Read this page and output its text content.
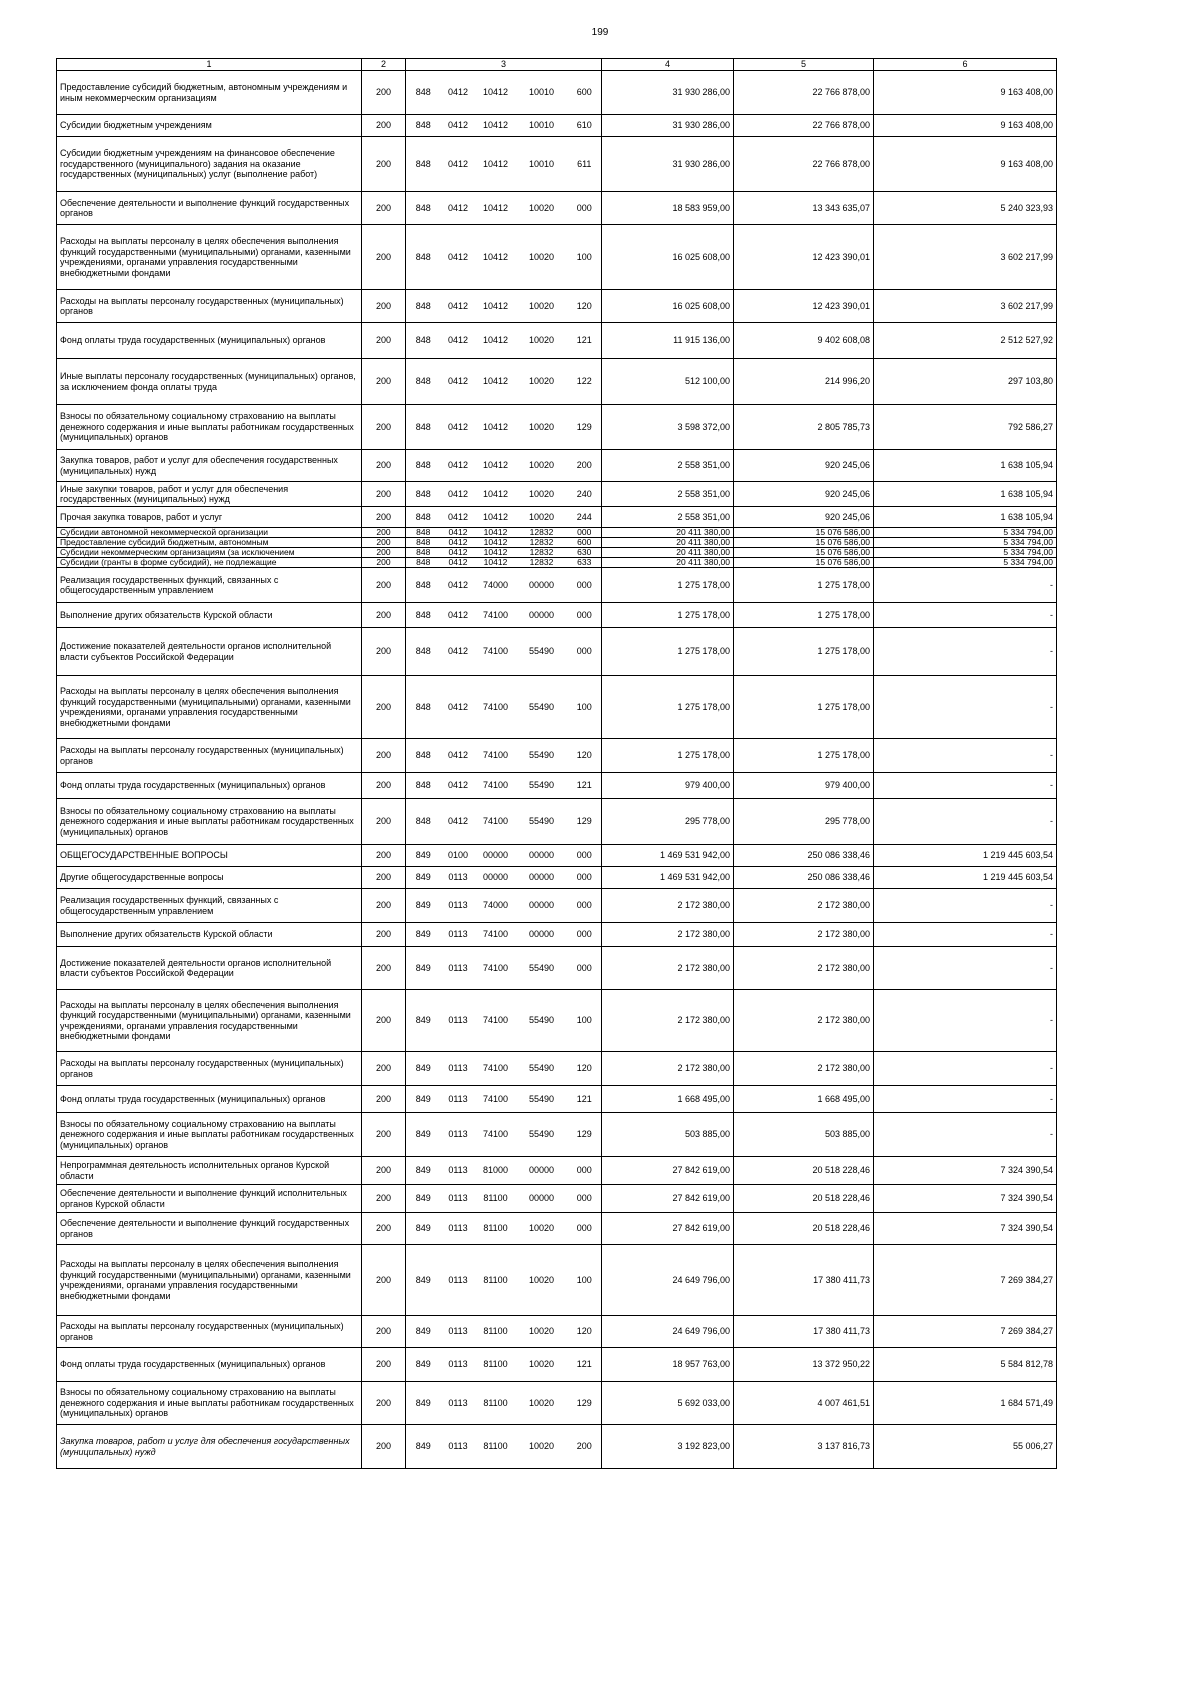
199
1	2	3					4	5	6
Предоставление субсидий бюджетным, автономным учреждениям и иным некоммерческим организациям	200	848	0412	10412	10010	600	31 930 286,00	22 766 878,00	9 163 408,00
Субсидии бюджетным учреждениям	200	848	0412	10412	10010	610	31 930 286,00	22 766 878,00	9 163 408,00
Субсидии бюджетным учреждениям на финансовое обеспечение государственного (муниципального) задания на оказание государственных (муниципальных) услуг (выполнение работ)	200	848	0412	10412	10010	611	31 930 286,00	22 766 878,00	9 163 408,00
Обеспечение деятельности и выполнение функций государственных органов	200	848	0412	10412	10020	000	18 583 959,00	13 343 635,07	5 240 323,93
Расходы на выплаты персоналу в целях обеспечения выполнения функций государственными (муниципальными) органами, казенными учреждениями, органами управления государственными внебюджетными фондами	200	848	0412	10412	10020	100	16 025 608,00	12 423 390,01	3 602 217,99
Расходы на выплаты персоналу государственных (муниципальных) органов	200	848	0412	10412	10020	120	16 025 608,00	12 423 390,01	3 602 217,99
Фонд оплаты труда государственных (муниципальных) органов	200	848	0412	10412	10020	121	11 915 136,00	9 402 608,08	2 512 527,92
Иные выплаты персоналу государственных (муниципальных) органов, за исключением фонда оплаты труда	200	848	0412	10412	10020	122	512 100,00	214 996,20	297 103,80
Взносы по обязательному социальному страхованию на выплаты денежного содержания и иные выплаты работникам государственных (муниципальных) органов	200	848	0412	10412	10020	129	3 598 372,00	2 805 785,73	792 586,27
Закупка товаров, работ и услуг для обеспечения государственных (муниципальных) нужд	200	848	0412	10412	10020	200	2 558 351,00	920 245,06	1 638 105,94
Иные закупки товаров, работ и услуг для обеспечения государственных (муниципальных) нужд	200	848	0412	10412	10020	240	2 558 351,00	920 245,06	1 638 105,94
Прочая закупка товаров, работ и услуг	200	848	0412	10412	10020	244	2 558 351,00	920 245,06	1 638 105,94
Субсидии автономной некоммерческой организации	200	848	0412	10412	12832	000	20 411 380,00	15 076 586,00	5 334 794,00
Предоставление субсидий бюджетным, автономным	200	848	0412	10412	12832	600	20 411 380,00	15 076 586,00	5 334 794,00
Субсидии некоммерческим организациям (за исключением	200	848	0412	10412	12832	630	20 411 380,00	15 076 586,00	5 334 794,00
Субсидии (гранты в форме субсидий), не подлежащие	200	848	0412	10412	12832	633	20 411 380,00	15 076 586,00	5 334 794,00
Реализация государственных функций, связанных с общегосударственным управлением	200	848	0412	74000	00000	000	1 275 178,00	1 275 178,00	-
Выполнение других обязательств Курской области	200	848	0412	74100	00000	000	1 275 178,00	1 275 178,00	-
Достижение показателей деятельности органов исполнительной власти субъектов Российской Федерации	200	848	0412	74100	55490	000	1 275 178,00	1 275 178,00	-
Расходы на выплаты персоналу в целях обеспечения выполнения функций государственными (муниципальными) органами, казенными учреждениями, органами управления государственными внебюджетными фондами	200	848	0412	74100	55490	100	1 275 178,00	1 275 178,00	-
Расходы на выплаты персоналу государственных (муниципальных) органов	200	848	0412	74100	55490	120	1 275 178,00	1 275 178,00	-
Фонд оплаты труда государственных (муниципальных) органов	200	848	0412	74100	55490	121	979 400,00	979 400,00	-
Взносы по обязательному социальному страхованию на выплаты денежного содержания и иные выплаты работникам государственных (муниципальных) органов	200	848	0412	74100	55490	129	295 778,00	295 778,00	-
ОБЩЕГОСУДАРСТВЕННЫЕ ВОПРОСЫ	200	849	0100	00000	00000	000	1 469 531 942,00	250 086 338,46	1 219 445 603,54
Другие общегосударственные вопросы	200	849	0113	00000	00000	000	1 469 531 942,00	250 086 338,46	1 219 445 603,54
Реализация государственных функций, связанных с общегосударственным управлением	200	849	0113	74000	00000	000	2 172 380,00	2 172 380,00	-
Выполнение других обязательств Курской области	200	849	0113	74100	00000	000	2 172 380,00	2 172 380,00	-
Достижение показателей деятельности органов исполнительной власти субъектов Российской Федерации	200	849	0113	74100	55490	000	2 172 380,00	2 172 380,00	-
Расходы на выплаты персоналу в целях обеспечения выполнения функций государственными (муниципальными) органами, казенными учреждениями, органами управления государственными внебюджетными фондами	200	849	0113	74100	55490	100	2 172 380,00	2 172 380,00	-
Расходы на выплаты персоналу государственных (муниципальных) органов	200	849	0113	74100	55490	120	2 172 380,00	2 172 380,00	-
Фонд оплаты труда государственных (муниципальных) органов	200	849	0113	74100	55490	121	1 668 495,00	1 668 495,00	-
Взносы по обязательному социальному страхованию на выплаты денежного содержания и иные выплаты работникам государственных (муниципальных) органов	200	849	0113	74100	55490	129	503 885,00	503 885,00	-
Непрограммная деятельность исполнительных органов Курской области	200	849	0113	81000	00000	000	27 842 619,00	20 518 228,46	7 324 390,54
Обеспечение деятельности и выполнение функций исполнительных органов Курской области	200	849	0113	81100	00000	000	27 842 619,00	20 518 228,46	7 324 390,54
Обеспечение деятельности и выполнение функций государственных органов	200	849	0113	81100	10020	000	27 842 619,00	20 518 228,46	7 324 390,54
Расходы на выплаты персоналу в целях обеспечения выполнения функций государственными (муниципальными) органами, казенными учреждениями, органами управления государственными внебюджетными фондами	200	849	0113	81100	10020	100	24 649 796,00	17 380 411,73	7 269 384,27
Расходы на выплаты персоналу государственных (муниципальных) органов	200	849	0113	81100	10020	120	24 649 796,00	17 380 411,73	7 269 384,27
Фонд оплаты труда государственных (муниципальных) органов	200	849	0113	81100	10020	121	18 957 763,00	13 372 950,22	5 584 812,78
Взносы по обязательному социальному страхованию на выплаты денежного содержания и иные выплаты работникам государственных (муниципальных) органов	200	849	0113	81100	10020	129	5 692 033,00	4 007 461,51	1 684 571,49
Закупка товаров, работ и услуг для обеспечения государственных (муниципальных) нужд	200	849	0113	81100	10020	200	3 192 823,00	3 137 816,73	55 006,27
